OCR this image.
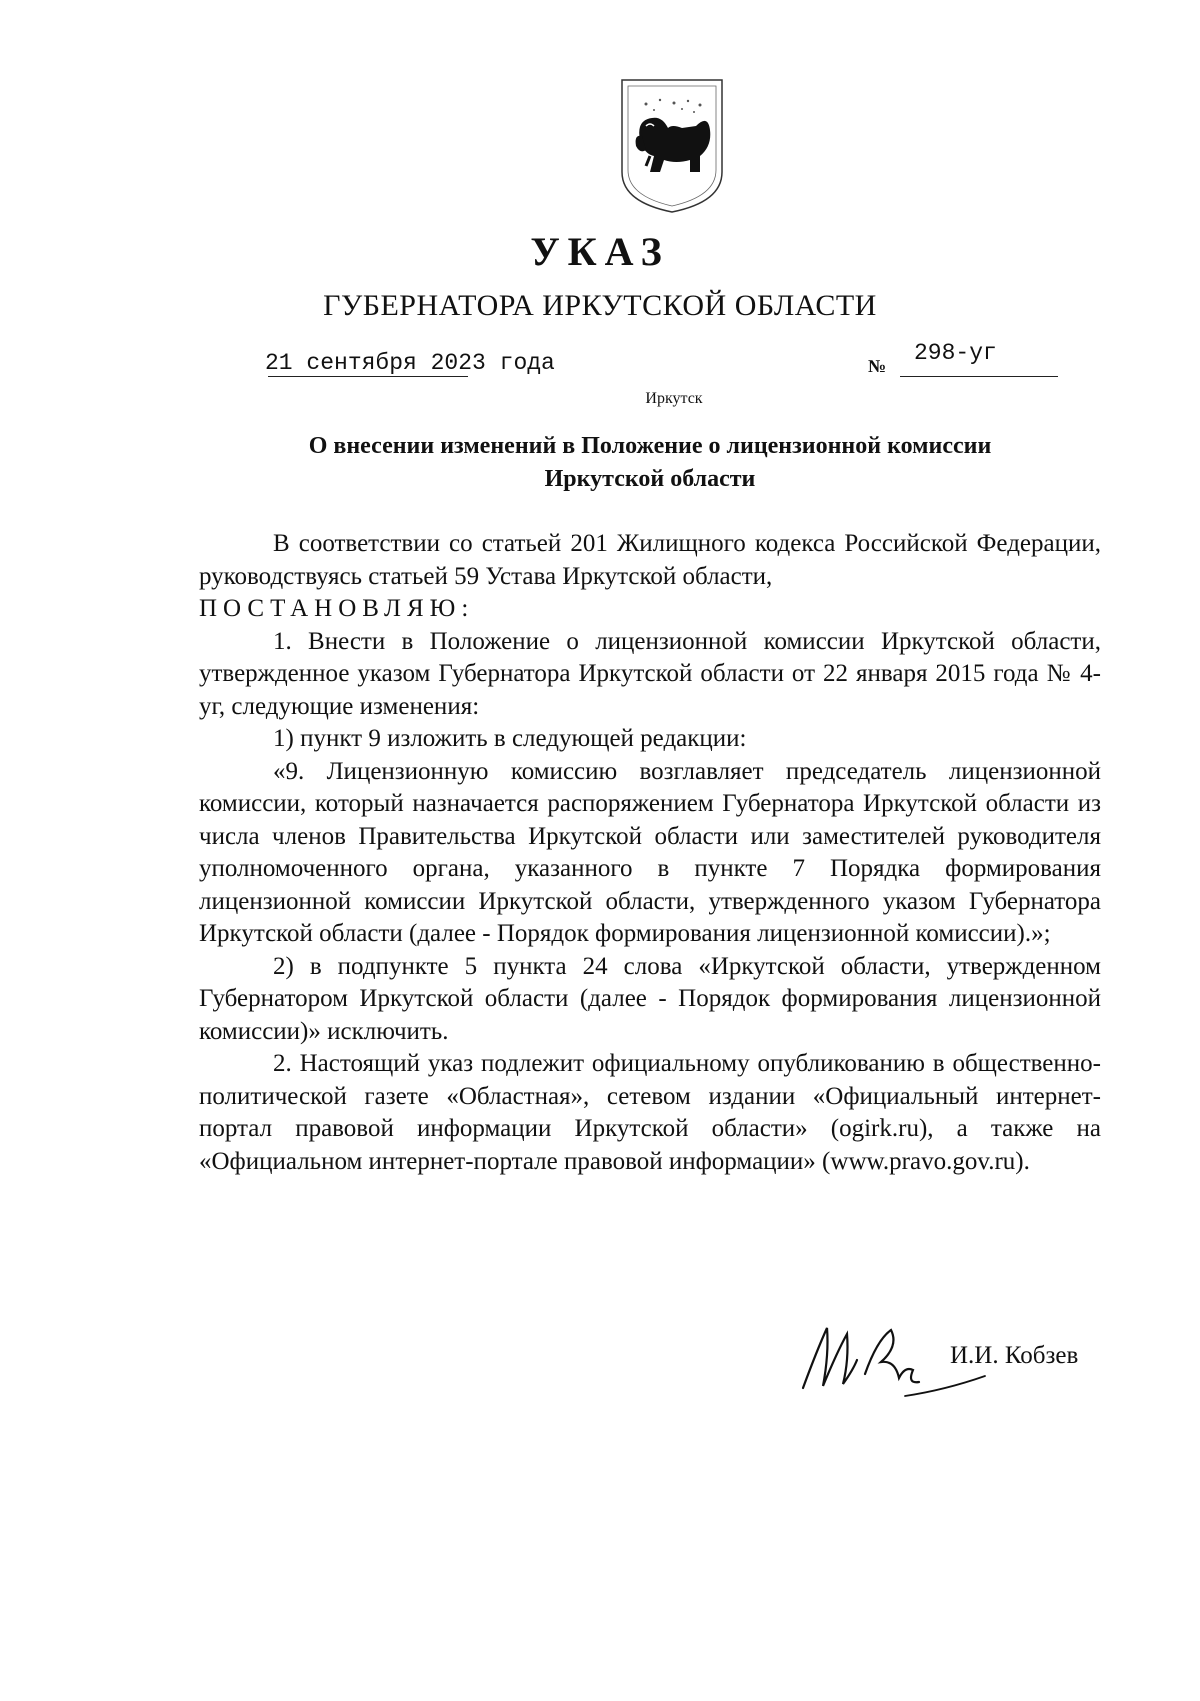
УКАЗ
ГУБЕРНАТОРА ИРКУТСКОЙ ОБЛАСТИ
21 сентября 2023 года	№ 298-уг
Иркутск
О внесении изменений в Положение о лицензионной комиссии
Иркутской области

В соответствии со статьей 201 Жилищного кодекса Российской Федерации, руководствуясь статьей 59 Устава Иркутской области,

ПОСТАНОВЛЯЮ:

1. Внести в Положение о лицензионной комиссии Иркутской области, утвержденное указом Губернатора Иркутской области от 22 января 2015 года № 4-уг, следующие изменения:

1) пункт 9 изложить в следующей редакции:

«9. Лицензионную комиссию возглавляет председатель лицензионной комиссии, который назначается распоряжением Губернатора Иркутской области из числа членов Правительства Иркутской области или заместителей руководителя уполномоченного органа, указанного в пункте 7 Порядка формирования лицензионной комиссии Иркутской области, утвержденного указом Губернатора Иркутской области (далее - Порядок формирования лицензионной комиссии).»;

2) в подпункте 5 пункта 24 слова «Иркутской области, утвержденном Губернатором Иркутской области (далее - Порядок формирования лицензионной комиссии)» исключить.

2. Настоящий указ подлежит официальному опубликованию в общественно-политической газете «Областная», сетевом издании «Официальный интернет-портал правовой информации Иркутской области» (ogirk.ru), а также на «Официальном интернет-портале правовой информации» (www.pravo.gov.ru).

И.И. Кобзев
